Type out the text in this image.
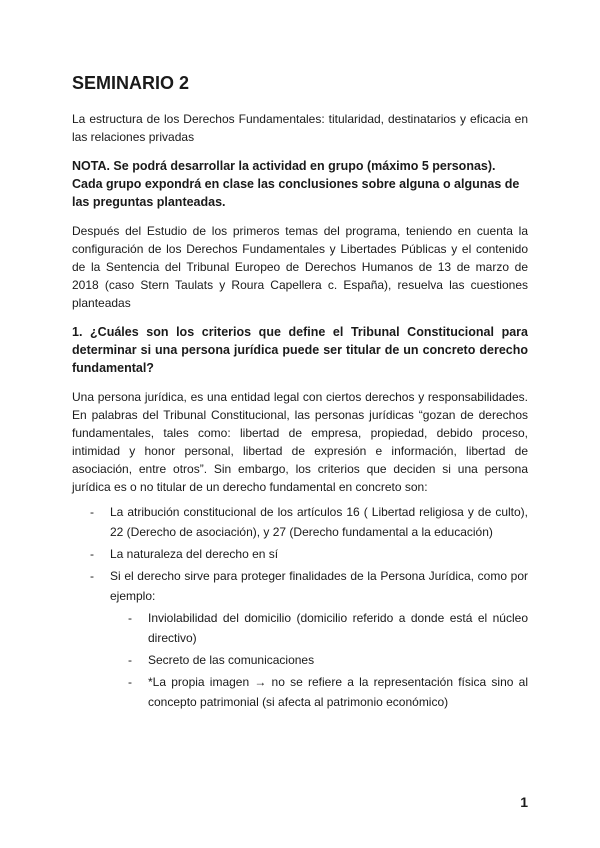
SEMINARIO 2

La estructura de los Derechos Fundamentales: titularidad, destinatarios y eficacia en las relaciones privadas

NOTA. Se podrá desarrollar la actividad en grupo (máximo 5 personas). Cada grupo expondrá en clase las conclusiones sobre alguna o algunas de las preguntas planteadas.

Después del Estudio de los primeros temas del programa, teniendo en cuenta la configuración de los Derechos Fundamentales y Libertades Públicas y el contenido de la Sentencia del Tribunal Europeo de Derechos Humanos de 13 de marzo de 2018 (caso Stern Taulats y Roura Capellera c. España), resuelva las cuestiones planteadas

1. ¿Cuáles son los criterios que define el Tribunal Constitucional para determinar si una persona jurídica puede ser titular de un concreto derecho fundamental?

Una persona jurídica, es una entidad legal con ciertos derechos y responsabilidades. En palabras del Tribunal Constitucional, las personas jurídicas “gozan de derechos fundamentales, tales como: libertad de empresa, propiedad, debido proceso, intimidad y honor personal, libertad de expresión e información, libertad de asociación, entre otros”. Sin embargo, los criterios que deciden si una persona jurídica es o no titular de un derecho fundamental en concreto son:

- La atribución constitucional de los artículos 16 ( Libertad religiosa y de culto), 22 (Derecho de asociación), y 27 (Derecho fundamental a la educación)
- La naturaleza del derecho en sí
- Si el derecho sirve para proteger finalidades de la Persona Jurídica, como por ejemplo:
- Inviolabilidad del domicilio (domicilio referido a donde está el núcleo directivo)
- Secreto de las comunicaciones
- *La propia imagen → no se refiere a la representación física sino al concepto patrimonial (si afecta al patrimonio económico)
1
